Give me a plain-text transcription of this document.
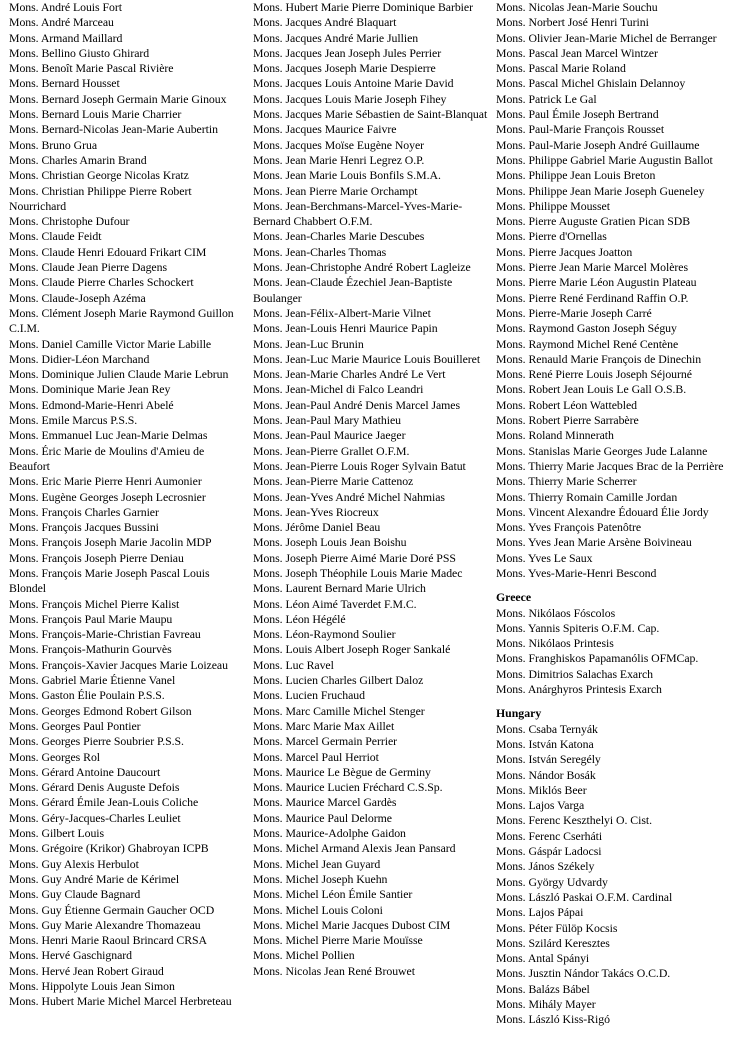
Mons. André Louis Fort
Mons. André Marceau
Mons. Armand Maillard
Mons. Bellino Giusto Ghirard
Mons. Benoît Marie Pascal Rivière
Mons. Bernard Housset
Mons. Bernard Joseph Germain Marie Ginoux
Mons. Bernard Louis Marie Charrier
Mons. Bernard-Nicolas Jean-Marie Aubertin
Mons. Bruno Grua
Mons. Charles Amarin Brand
Mons. Christian George Nicolas Kratz
Mons. Christian Philippe Pierre Robert Nourrichard
Mons. Christophe Dufour
Mons. Claude Feidt
Mons. Claude Henri Edouard Frikart CIM
Mons. Claude Jean Pierre Dagens
Mons. Claude Pierre Charles Schockert
Mons. Claude-Joseph Azéma
Mons. Clément Joseph Marie Raymond Guillon C.I.M.
Mons. Daniel Camille Victor Marie Labille
Mons. Didier-Léon Marchand
Mons. Dominique Julien Claude Marie Lebrun
Mons. Dominique Marie Jean Rey
Mons. Edmond-Marie-Henri Abelé
Mons. Emile Marcus P.S.S.
Mons. Emmanuel Luc Jean-Marie Delmas
Mons. Éric Marie de Moulins d'Amieu de Beaufort
Mons. Eric Marie Pierre Henri Aumonier
Mons. Eugène Georges Joseph Lecrosnier
Mons. François Charles Garnier
Mons. François Jacques Bussini
Mons. François Joseph Marie Jacolin MDP
Mons. François Joseph Pierre Deniau
Mons. François Marie Joseph Pascal Louis Blondel
Mons. François Michel Pierre Kalist
Mons. François Paul Marie Maupu
Mons. François-Marie-Christian Favreau
Mons. François-Mathurin Gourvès
Mons. François-Xavier Jacques Marie Loizeau
Mons. Gabriel Marie Étienne Vanel
Mons. Gaston Élie Poulain P.S.S.
Mons. Georges Edmond Robert Gilson
Mons. Georges Paul Pontier
Mons. Georges Pierre Soubrier P.S.S.
Mons. Georges Rol
Mons. Gérard Antoine Daucourt
Mons. Gérard Denis Auguste Defois
Mons. Gérard Émile Jean-Louis Coliche
Mons. Géry-Jacques-Charles Leuliet
Mons. Gilbert Louis
Mons. Grégoire (Krikor) Ghabroyan ICPB
Mons. Guy Alexis Herbulot
Mons. Guy André Marie de Kérimel
Mons. Guy Claude Bagnard
Mons. Guy Étienne Germain Gaucher OCD
Mons. Guy Marie Alexandre Thomazeau
Mons. Henri Marie Raoul Brincard CRSA
Mons. Hervé Gaschignard
Mons. Hervé Jean Robert Giraud
Mons. Hippolyte Louis Jean Simon
Mons. Hubert Marie Michel Marcel Herbreteau
Mons. Hubert Marie Pierre Dominique Barbier
Mons. Jacques André Blaquart
Mons. Jacques André Marie Jullien
Mons. Jacques Jean Joseph Jules Perrier
Mons. Jacques Joseph Marie Despierre
Mons. Jacques Louis Antoine Marie David
Mons. Jacques Louis Marie Joseph Fihey
Mons. Jacques Marie Sébastien de Saint-Blanquat
Mons. Jacques Maurice Faivre
Mons. Jacques Moïse Eugène Noyer
Mons. Jean Marie Henri Legrez O.P.
Mons. Jean Marie Louis Bonfils S.M.A.
Mons. Jean Pierre Marie Orchampt
Mons. Jean-Berchmans-Marcel-Yves-Marie-Bernard Chabbert O.F.M.
Mons. Jean-Charles Marie Descubes
Mons. Jean-Charles Thomas
Mons. Jean-Christophe André Robert Lagleize
Mons. Jean-Claude Ézechiel Jean-Baptiste Boulanger
Mons. Jean-Félix-Albert-Marie Vilnet
Mons. Jean-Louis Henri Maurice Papin
Mons. Jean-Luc Brunin
Mons. Jean-Luc Marie Maurice Louis Bouilleret
Mons. Jean-Marie Charles André Le Vert
Mons. Jean-Michel di Falco Leandri
Mons. Jean-Paul André Denis Marcel James
Mons. Jean-Paul Mary Mathieu
Mons. Jean-Paul Maurice Jaeger
Mons. Jean-Pierre Grallet O.F.M.
Mons. Jean-Pierre Louis Roger Sylvain Batut
Mons. Jean-Pierre Marie Cattenoz
Mons. Jean-Yves André Michel Nahmias
Mons. Jean-Yves Riocreux
Mons. Jérôme Daniel Beau
Mons. Joseph Louis Jean Boishu
Mons. Joseph Pierre Aimé Marie Doré PSS
Mons. Joseph Théophile Louis Marie Madec
Mons. Laurent Bernard Marie Ulrich
Mons. Léon Aimé Taverdet F.M.C.
Mons. Léon Hégélé
Mons. Léon-Raymond Soulier
Mons. Louis Albert Joseph Roger Sankalé
Mons. Luc Ravel
Mons. Lucien Charles Gilbert Daloz
Mons. Lucien Fruchaud
Mons. Marc Camille Michel Stenger
Mons. Marc Marie Max Aillet
Mons. Marcel Germain Perrier
Mons. Marcel Paul Herriot
Mons. Maurice Le Bègue de Germiny
Mons. Maurice Lucien Fréchard C.S.Sp.
Mons. Maurice Marcel Gardès
Mons. Maurice Paul Delorme
Mons. Maurice-Adolphe Gaidon
Mons. Michel Armand Alexis Jean Pansard
Mons. Michel Jean Guyard
Mons. Michel Joseph Kuehn
Mons. Michel Léon Émile Santier
Mons. Michel Louis Coloni
Mons. Michel Marie Jacques Dubost CIM
Mons. Michel Pierre Marie Mouïsse
Mons. Michel Pollien
Mons. Nicolas Jean René Brouwet
Mons. Nicolas Jean-Marie Souchu
Mons. Norbert José Henri Turini
Mons. Olivier Jean-Marie Michel de Berranger
Mons. Pascal Jean Marcel Wintzer
Mons. Pascal Marie Roland
Mons. Pascal Michel Ghislain Delannoy
Mons. Patrick Le Gal
Mons. Paul Émile Joseph Bertrand
Mons. Paul-Marie François Rousset
Mons. Paul-Marie Joseph André Guillaume
Mons. Philippe Gabriel Marie Augustin Ballot
Mons. Philippe Jean Louis Breton
Mons. Philippe Jean Marie Joseph Gueneley
Mons. Philippe Mousset
Mons. Pierre Auguste Gratien Pican SDB
Mons. Pierre d'Ornellas
Mons. Pierre Jacques Joatton
Mons. Pierre Jean Marie Marcel Molères
Mons. Pierre Marie Léon Augustin Plateau
Mons. Pierre René Ferdinand Raffin O.P.
Mons. Pierre-Marie Joseph Carré
Mons. Raymond Gaston Joseph Séguy
Mons. Raymond Michel René Centène
Mons. Renauld Marie François de Dinechin
Mons. René Pierre Louis Joseph Séjourné
Mons. Robert Jean Louis Le Gall O.S.B.
Mons. Robert Léon Wattebled
Mons. Robert Pierre Sarrabère
Mons. Roland Minnerath
Mons. Stanislas Marie Georges Jude Lalanne
Mons. Thierry Marie Jacques Brac de la Perrière
Mons. Thierry Marie Scherrer
Mons. Thierry Romain Camille Jordan
Mons. Vincent Alexandre Édouard Élie Jordy
Mons. Yves François Patenôtre
Mons. Yves Jean Marie Arsène Boivineau
Mons. Yves Le Saux
Mons. Yves-Marie-Henri Bescond
Greece
Mons. Nikólaos Fóscolos
Mons. Yannis Spiteris O.F.M. Cap.
Mons. Nikólaos Printesis
Mons. Franghiskos Papamanólis OFMCap.
Mons. Dimitrios Salachas Exarch
Mons. Anárghyros Printesis Exarch
Hungary
Mons. Csaba Ternyák
Mons. István Katona
Mons. István Seregély
Mons. Nándor Bosák
Mons. Miklós Beer
Mons. Lajos Varga
Mons. Ferenc Keszthelyi O. Cist.
Mons. Ferenc Cserháti
Mons. Gáspár Ladocsi
Mons. János Székely
Mons. György Udvardy
Mons. László Paskai O.F.M. Cardinal
Mons. Lajos Pápai
Mons. Péter Fülöp Kocsis
Mons. Szilárd Keresztes
Mons. Antal Spányi
Mons. Jusztin Nándor Takács O.C.D.
Mons. Balázs Bábel
Mons. Mihály Mayer
Mons. László Kiss-Rigó
